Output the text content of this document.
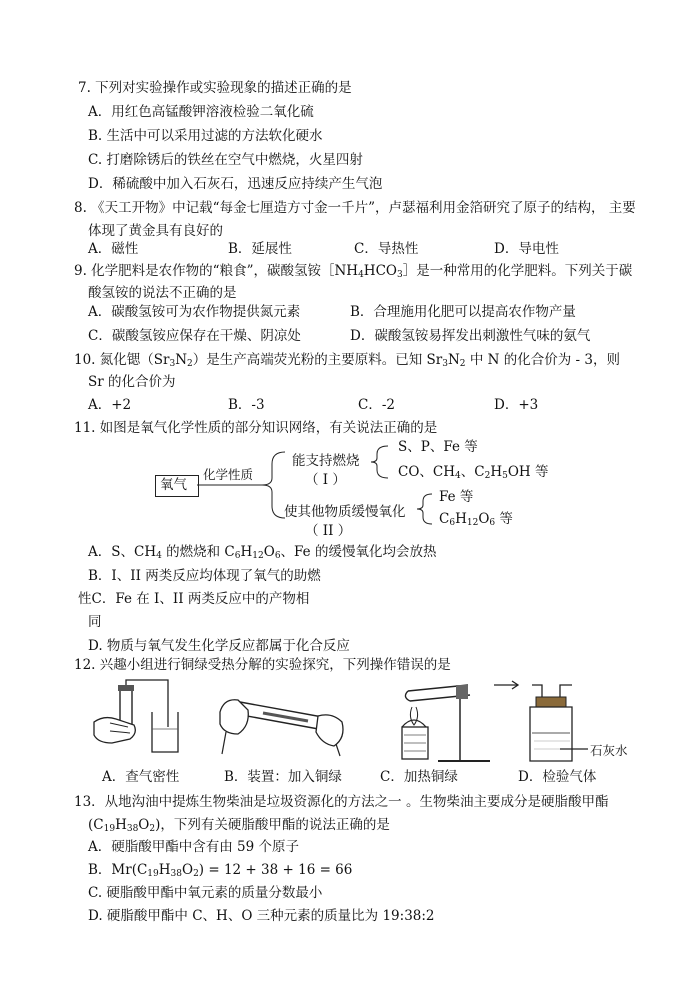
7. 下列对实验操作或实验现象的描述正确的是
A．用红色高锰酸钾溶液检验二氧化硫
B. 生活中可以采用过滤的方法软化硬水
C. 打磨除锈后的铁丝在空气中燃烧，火星四射
D．稀硫酸中加入石灰石，迅速反应持续产生气泡
8. 《天工开物》中记载“每金七厘造方寸金一千片”，卢瑟福利用金箔研究了原子的结构， 主要
体现了黄金具有良好的
A．磁性	B．延展性	C．导热性	D．导电性
9. 化学肥料是农作物的“粮食”，碳酸氢铵$[NH_4HCO_3]$是一种常用的化学肥料。下列关于碳
酸氢铵的说法不正确的是
A．碳酸氢铵可为农作物提供氮元素	B．合理施用化肥可以提高农作物产量
C．碳酸氢铵应保存在干燥、阴凉处	D．碳酸氢铵易挥发出刺激性气味的氨气
10. 氮化锶$(Sr_3N_2)$是生产高端荧光粉的主要原料。已知 $Sr_3N_2$ 中 N 的化合价为 - 3，则
Sr 的化合价为
A．+2	B．-3	C．-2	D．+3
11. 如图是氧气化学性质的部分知识网络，有关说法正确的是
氧气
化学性质
能支持燃烧
（ I ）
S、P、Fe 等
CO、$CH_4$、$C_2H_5OH$ 等
使其他物质缓慢氧化
（ II ）
Fe 等
$C_6H_{12}O_6$ 等
A．S、$CH_4$ 的燃烧和 $C_6H_{12}O_6$、Fe 的缓慢氧化均会放热
B．I、II 两类反应均体现了氧气的助燃
性C．Fe 在 I、II 两类反应中的产物相
同
D. 物质与氧气发生化学反应都属于化合反应
12. 兴趣小组进行铜绿受热分解的实验探究，下列操作错误的是
石灰水
A．查气密性	B．装置：加入铜绿	C．加热铜绿	D．检验气体
13．从地沟油中提炼生物柴油是垃圾资源化的方法之一 。生物柴油主要成分是硬脂酸甲酯
$(C_{19}H_{38}O_2)$，下列有关硬脂酸甲酯的说法正确的是
A．硬脂酸甲酯中含有由 59 个原子
B．$Mr(C_{19}H_{38}O_2) = 12 + 38 + 16 = 66$
C. 硬脂酸甲酯中氧元素的质量分数最小
D. 硬脂酸甲酯中 C、H、O 三种元素的质量比为 19:38:2
